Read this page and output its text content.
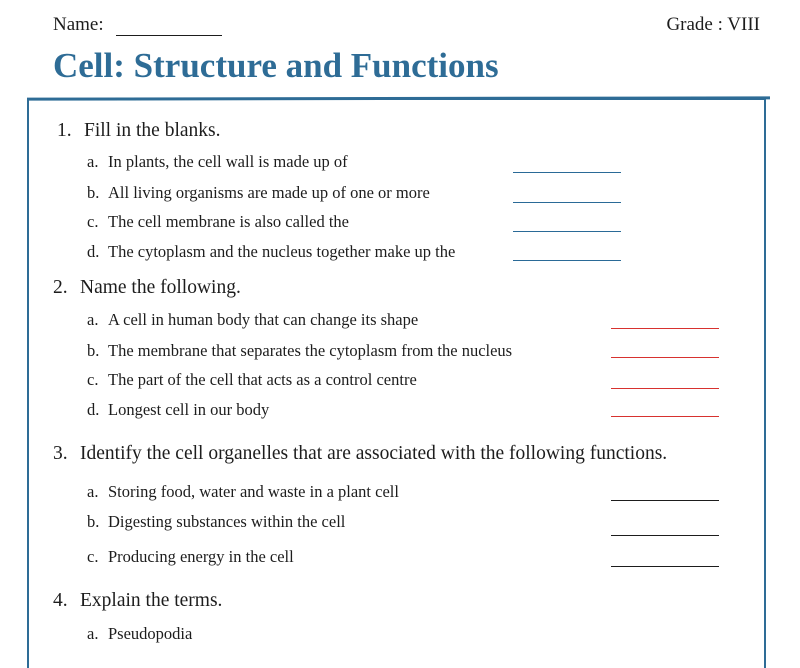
Name:	Grade : VIII
Cell: Structure and Functions
1. Fill in the blanks.
a. In plants, the cell wall is made up of
b. All living organisms are made up of one or more
c. The cell membrane is also called the
d. The cytoplasm and the nucleus together make up the
2. Name the following.
a. A cell in human body that can change its shape
b. The membrane that separates the cytoplasm from the nucleus
c. The part of the cell that acts as a control centre
d. Longest cell in our body
3. Identify the cell organelles that are associated with the following functions.
a. Storing food, water and waste in a plant cell
b. Digesting substances within the cell
c. Producing energy in the cell
4. Explain the terms.
a. Pseudopodia
